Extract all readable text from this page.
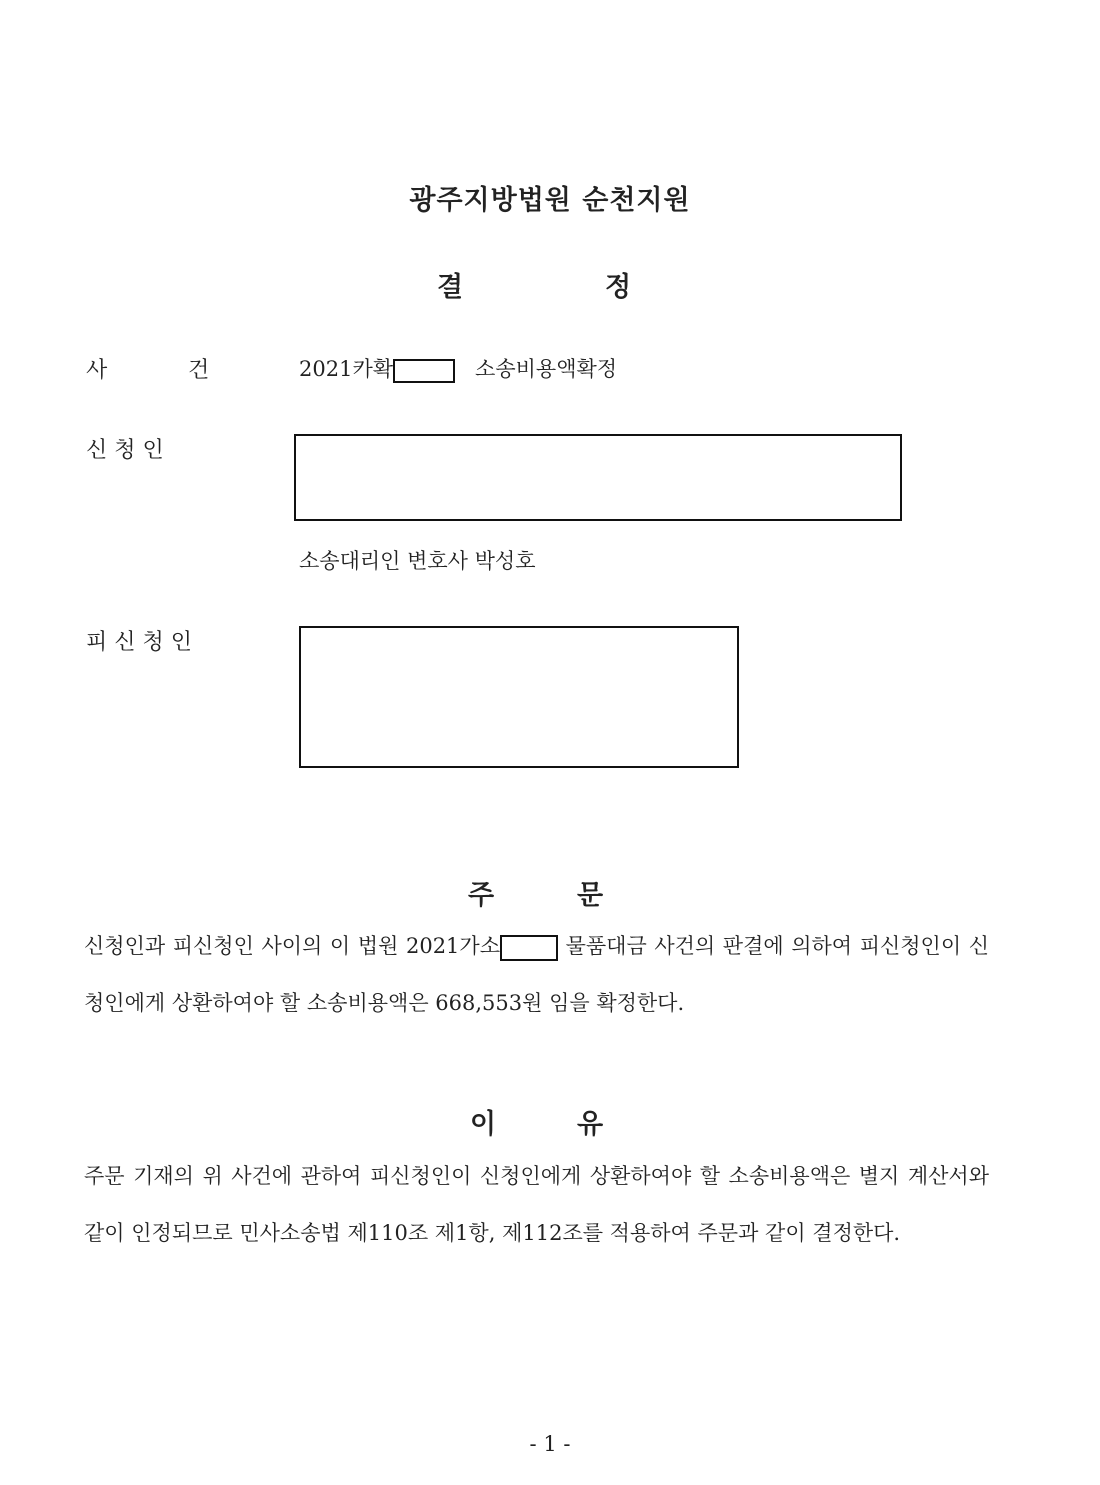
광주지방법원 순천지원
결	정
사	건	2021카확	소송비용액확정
신 청 인
소송대리인 변호사 박성호
피 신 청 인
주	문
신청인과 피신청인 사이의 이 법원 2021가소	물품대금 사건의 판결에 의하여 피신청인이 신청인에게 상환하여야 할 소송비용액은 668,553원 임을 확정한다.
이	유
주문 기재의 위 사건에 관하여 피신청인이 신청인에게 상환하여야 할 소송비용액은 별지 계산서와 같이 인정되므로 민사소송법 제110조 제1항, 제112조를 적용하여 주문과 같이 결정한다.
- 1 -
